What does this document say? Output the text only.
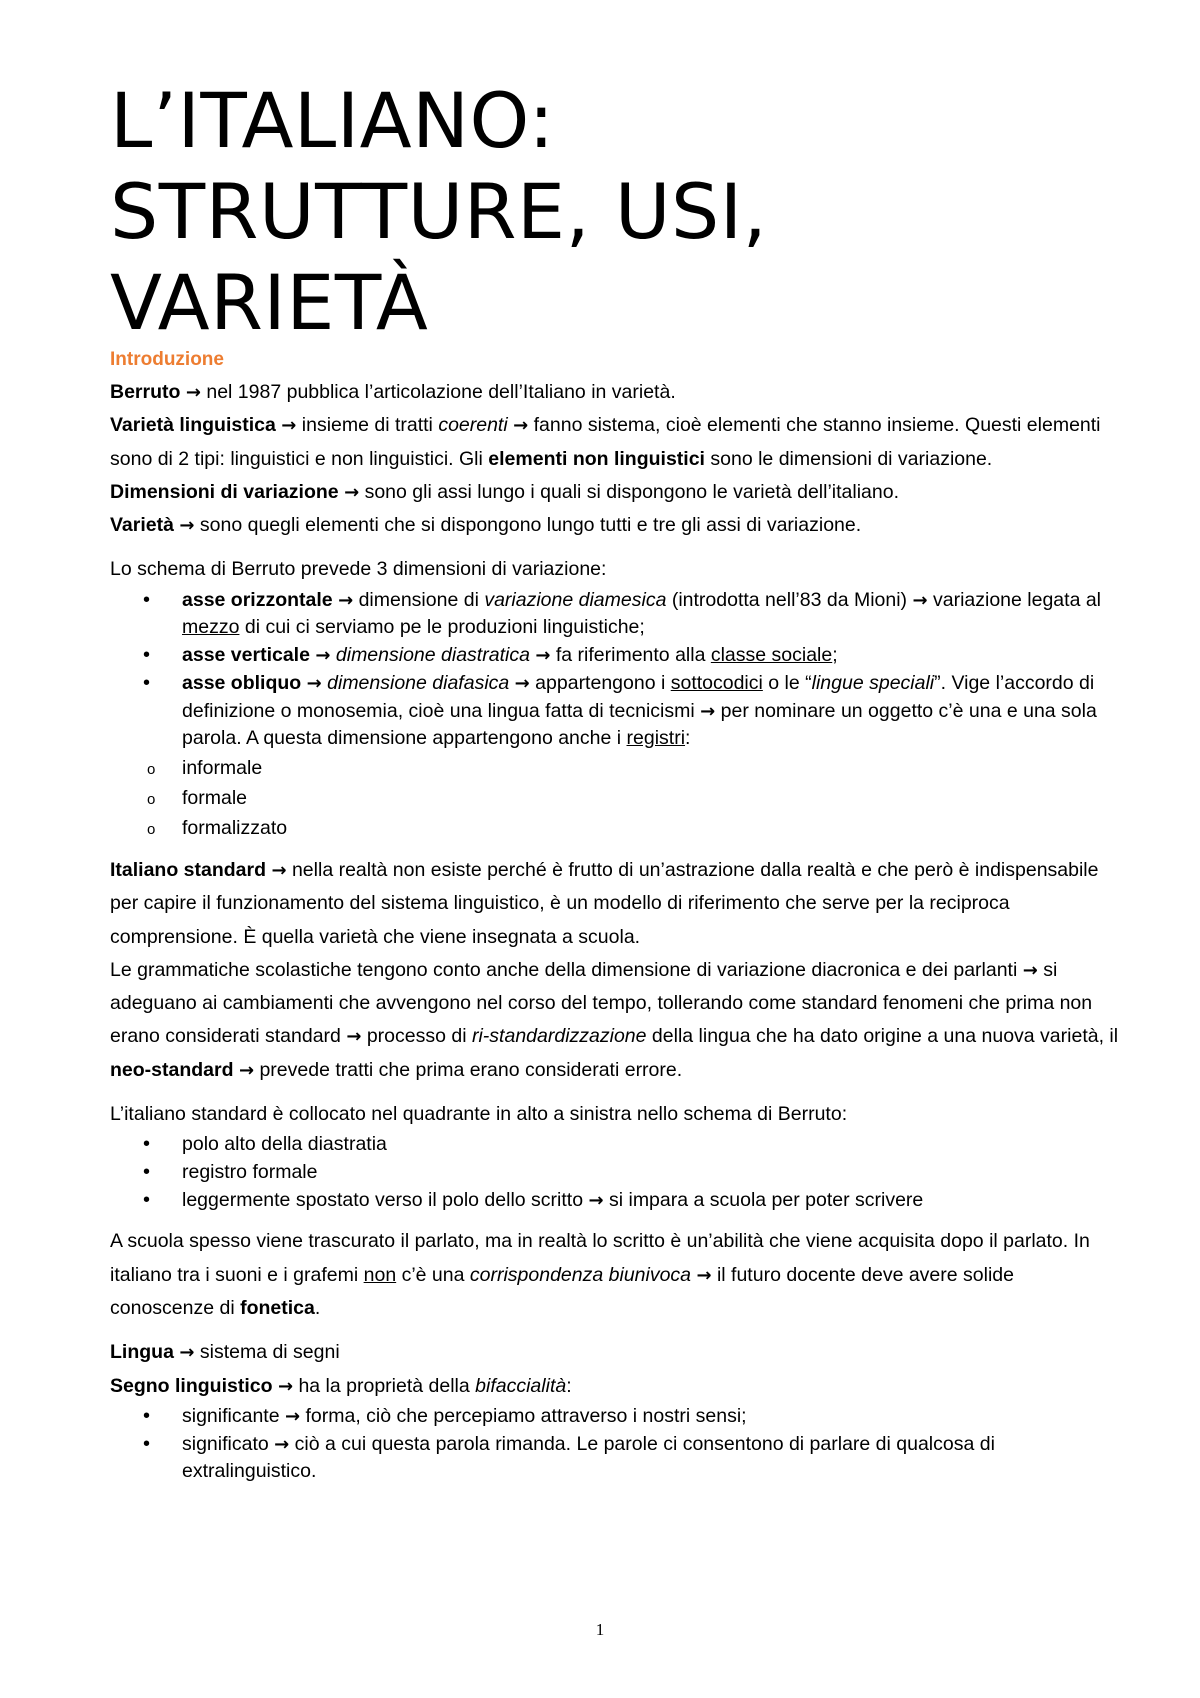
L’ITALIANO:
STRUTTURE, USI,
VARIETÀ

Introduzione

Berruto → nel 1987 pubblica l’articolazione dell’Italiano in varietà.

Varietà linguistica → insieme di tratti coerenti → fanno sistema, cioè elementi che stanno insieme. Questi elementi sono di 2 tipi: linguistici e non linguistici. Gli elementi non linguistici sono le dimensioni di variazione.

Dimensioni di variazione → sono gli assi lungo i quali si dispongono le varietà dell’italiano.

Varietà → sono quegli elementi che si dispongono lungo tutti e tre gli assi di variazione.

Lo schema di Berruto prevede 3 dimensioni di variazione:

• asse orizzontale → dimensione di variazione diamesica (introdotta nell’83 da Mioni) → variazione legata al mezzo di cui ci serviamo pe le produzioni linguistiche;
• asse verticale → dimensione diastratica → fa riferimento alla classe sociale;
• asse obliquo → dimensione diafasica → appartengono i sottocodici o le “lingue speciali”. Vige l’accordo di definizione o monosemia, cioè una lingua fatta di tecnicismi → per nominare un oggetto c’è una e una sola parola. A questa dimensione appartengono anche i registri:
o informale
o formale
o formalizzato

Italiano standard → nella realtà non esiste perché è frutto di un’astrazione dalla realtà e che però è indispensabile per capire il funzionamento del sistema linguistico, è un modello di riferimento che serve per la reciproca comprensione. È quella varietà che viene insegnata a scuola.

Le grammatiche scolastiche tengono conto anche della dimensione di variazione diacronica e dei parlanti → si adeguano ai cambiamenti che avvengono nel corso del tempo, tollerando come standard fenomeni che prima non erano considerati standard → processo di ri-standardizzazione della lingua che ha dato origine a una nuova varietà, il neo-standard → prevede tratti che prima erano considerati errore.

L’italiano standard è collocato nel quadrante in alto a sinistra nello schema di Berruto:

• polo alto della diastratia
• registro formale
• leggermente spostato verso il polo dello scritto → si impara a scuola per poter scrivere

A scuola spesso viene trascurato il parlato, ma in realtà lo scritto è un’abilità che viene acquisita dopo il parlato. In italiano tra i suoni e i grafemi non c’è una corrispondenza biunivoca → il futuro docente deve avere solide conoscenze di fonetica.

Lingua → sistema di segni

Segno linguistico → ha la proprietà della bifaccialità:

• significante → forma, ciò che percepiamo attraverso i nostri sensi;
• significato → ciò a cui questa parola rimanda. Le parole ci consentono di parlare di qualcosa di extralinguistico.
1
